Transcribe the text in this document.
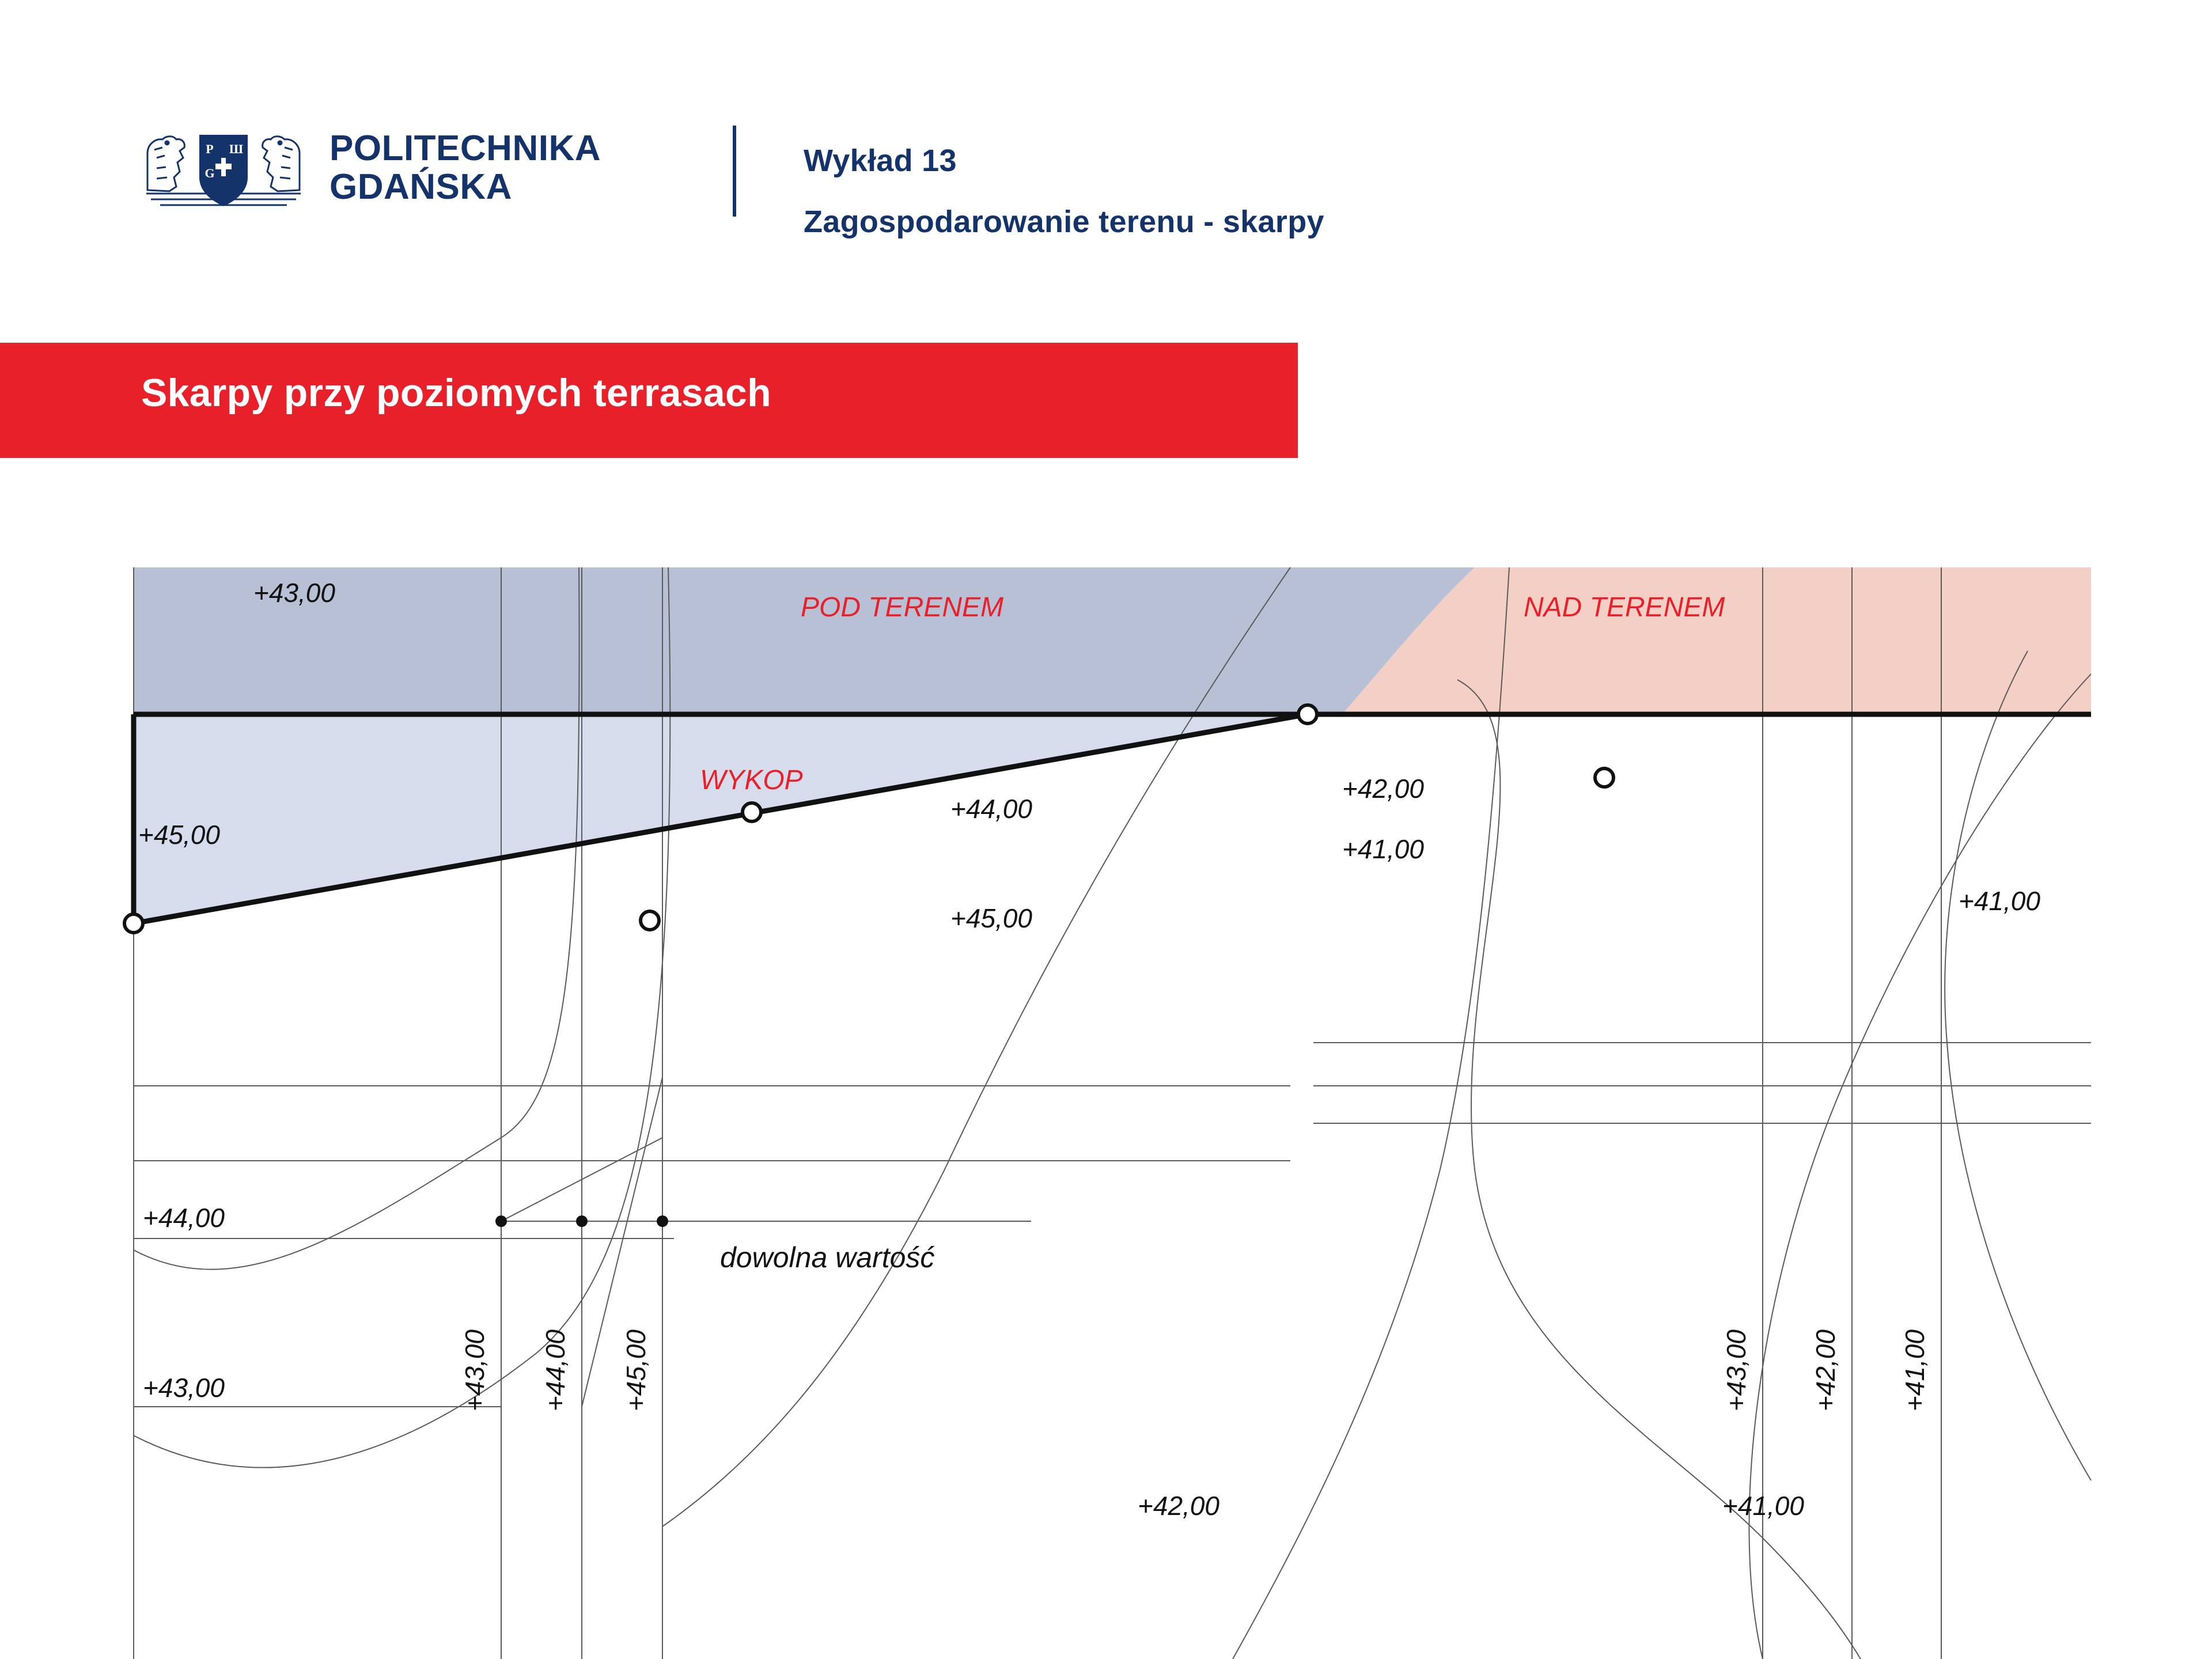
P
G
Ш POLITECHNIKA
GDAŃSKA
Wykład 13
Zagospodarowanie terenu - skarpy
Skarpy przy poziomych terrasach
+43,00
+45,00
+44,00
+45,00
+44,00
+43,00
+42,00
+41,00
+41,00
+42,00	+41,00
+43,00 +44,00 +45,00	+43,00 +42,00 +41,00
POD TERENEM	NAD TERENEM
WYKOP
dowolna wartość
